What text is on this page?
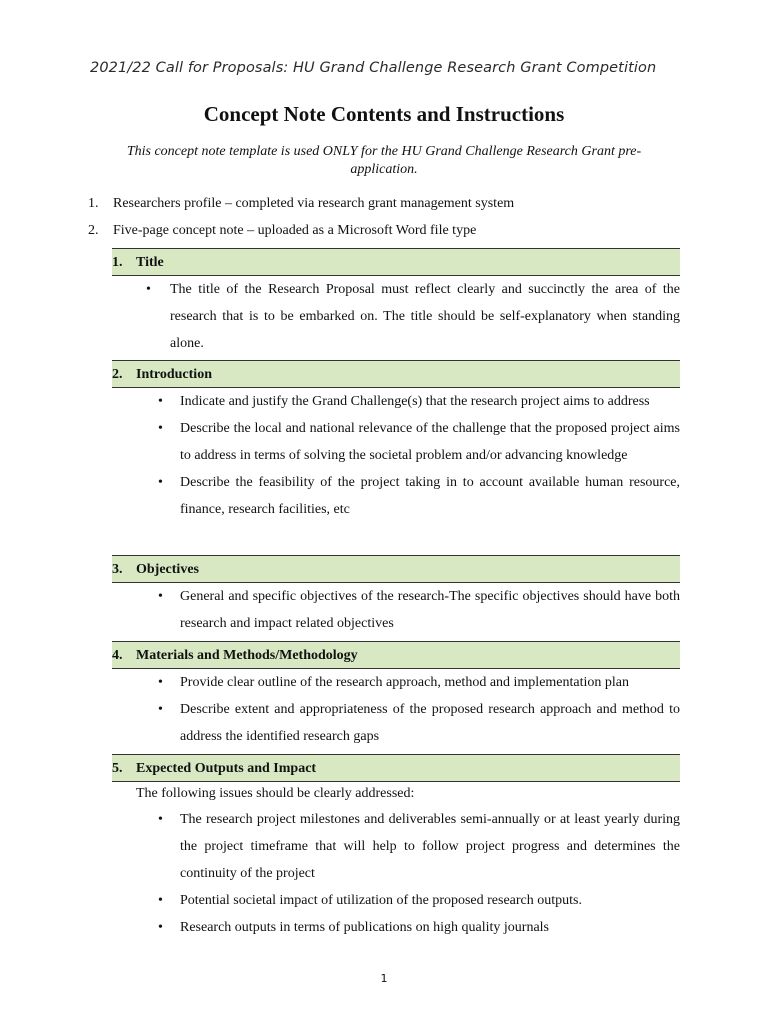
2021/22 Call for Proposals: HU Grand Challenge Research Grant Competition
Concept Note Contents and Instructions
This concept note template is used ONLY for the HU Grand Challenge Research Grant pre-application.
1. Researchers profile – completed via research grant management system
2. Five-page concept note – uploaded as a Microsoft Word file type
1. Title
• The title of the Research Proposal must reflect clearly and succinctly the area of the research that is to be embarked on. The title should be self-explanatory when standing alone.
2. Introduction
• Indicate and justify the Grand Challenge(s) that the research project aims to address
• Describe the local and national relevance of the challenge that the proposed project aims to address in terms of solving the societal problem and/or advancing knowledge
• Describe the feasibility of the project taking in to account available human resource, finance, research facilities, etc
3. Objectives
• General and specific objectives of the research-The specific objectives should have both research and impact related objectives
4. Materials and Methods/Methodology
• Provide clear outline of the research approach, method and implementation plan
• Describe extent and appropriateness of the proposed research approach and method to address the identified research gaps
5. Expected Outputs and Impact
The following issues should be clearly addressed:
• The research project milestones and deliverables semi-annually or at least yearly during the project timeframe that will help to follow project progress and determines the continuity of the project
• Potential societal impact of utilization of the proposed research outputs.
• Research outputs in terms of publications on high quality journals
1
